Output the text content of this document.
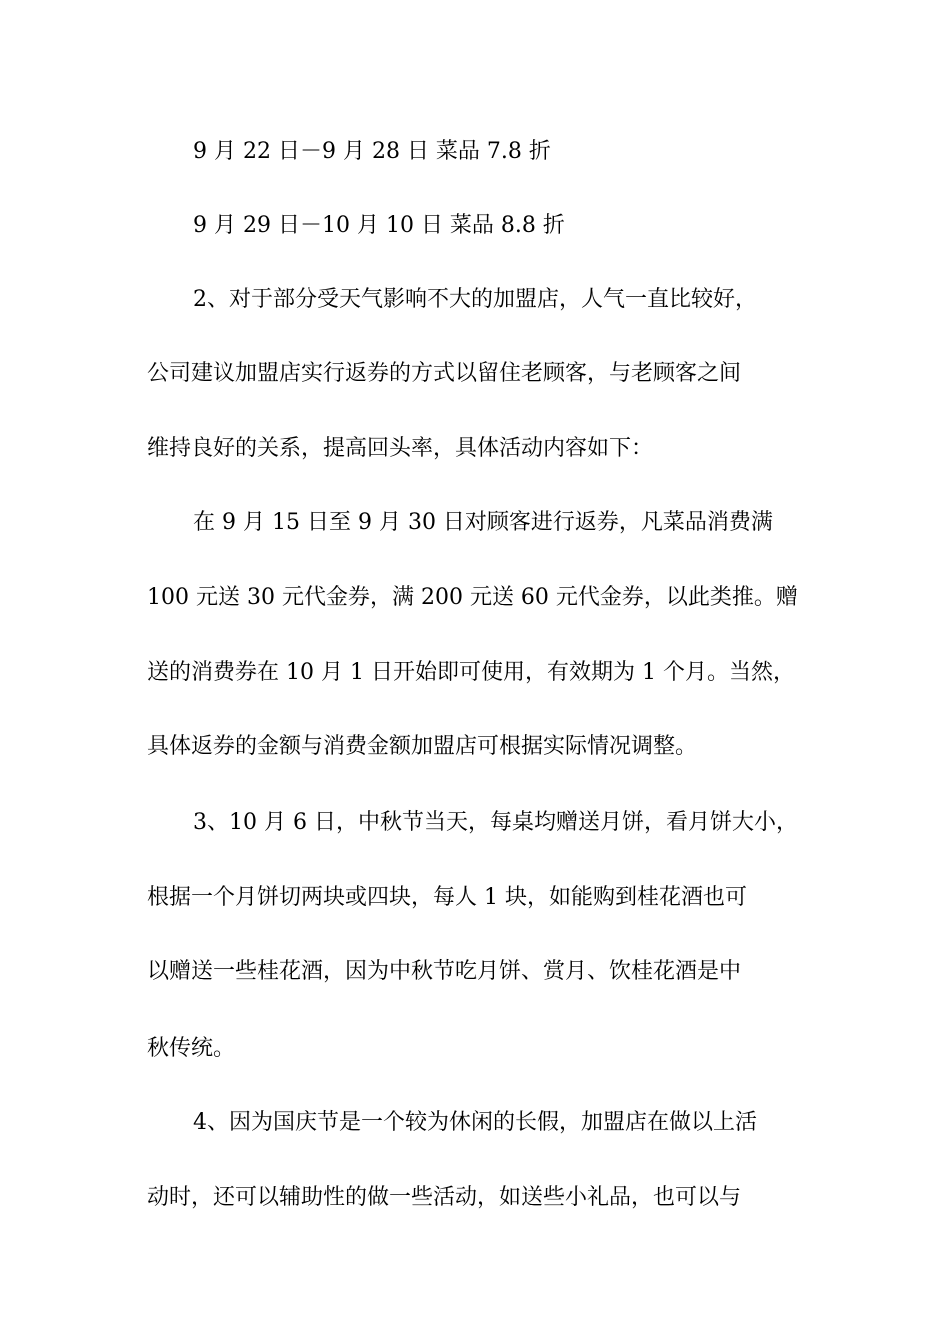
9 月 22 日－9 月 28 日 菜品 7.8 折
9 月 29 日－10 月 10 日 菜品 8.8 折
2、对于部分受天气影响不大的加盟店，人气一直比较好，
公司建议加盟店实行返券的方式以留住老顾客，与老顾客之间
维持良好的关系，提高回头率，具体活动内容如下：
在 9 月 15 日至 9 月 30 日对顾客进行返券，凡菜品消费满
100 元送 30 元代金券，满 200 元送 60 元代金券，以此类推。赠
送的消费券在 10 月 1 日开始即可使用，有效期为 1 个月。当然，
具体返券的金额与消费金额加盟店可根据实际情况调整。
3、10 月 6 日，中秋节当天，每桌均赠送月饼，看月饼大小，
根据一个月饼切两块或四块，每人 1 块，如能购到桂花酒也可
以赠送一些桂花酒，因为中秋节吃月饼、赏月、饮桂花酒是中
秋传统。
4、因为国庆节是一个较为休闲的长假，加盟店在做以上活
动时，还可以辅助性的做一些活动，如送些小礼品，也可以与
